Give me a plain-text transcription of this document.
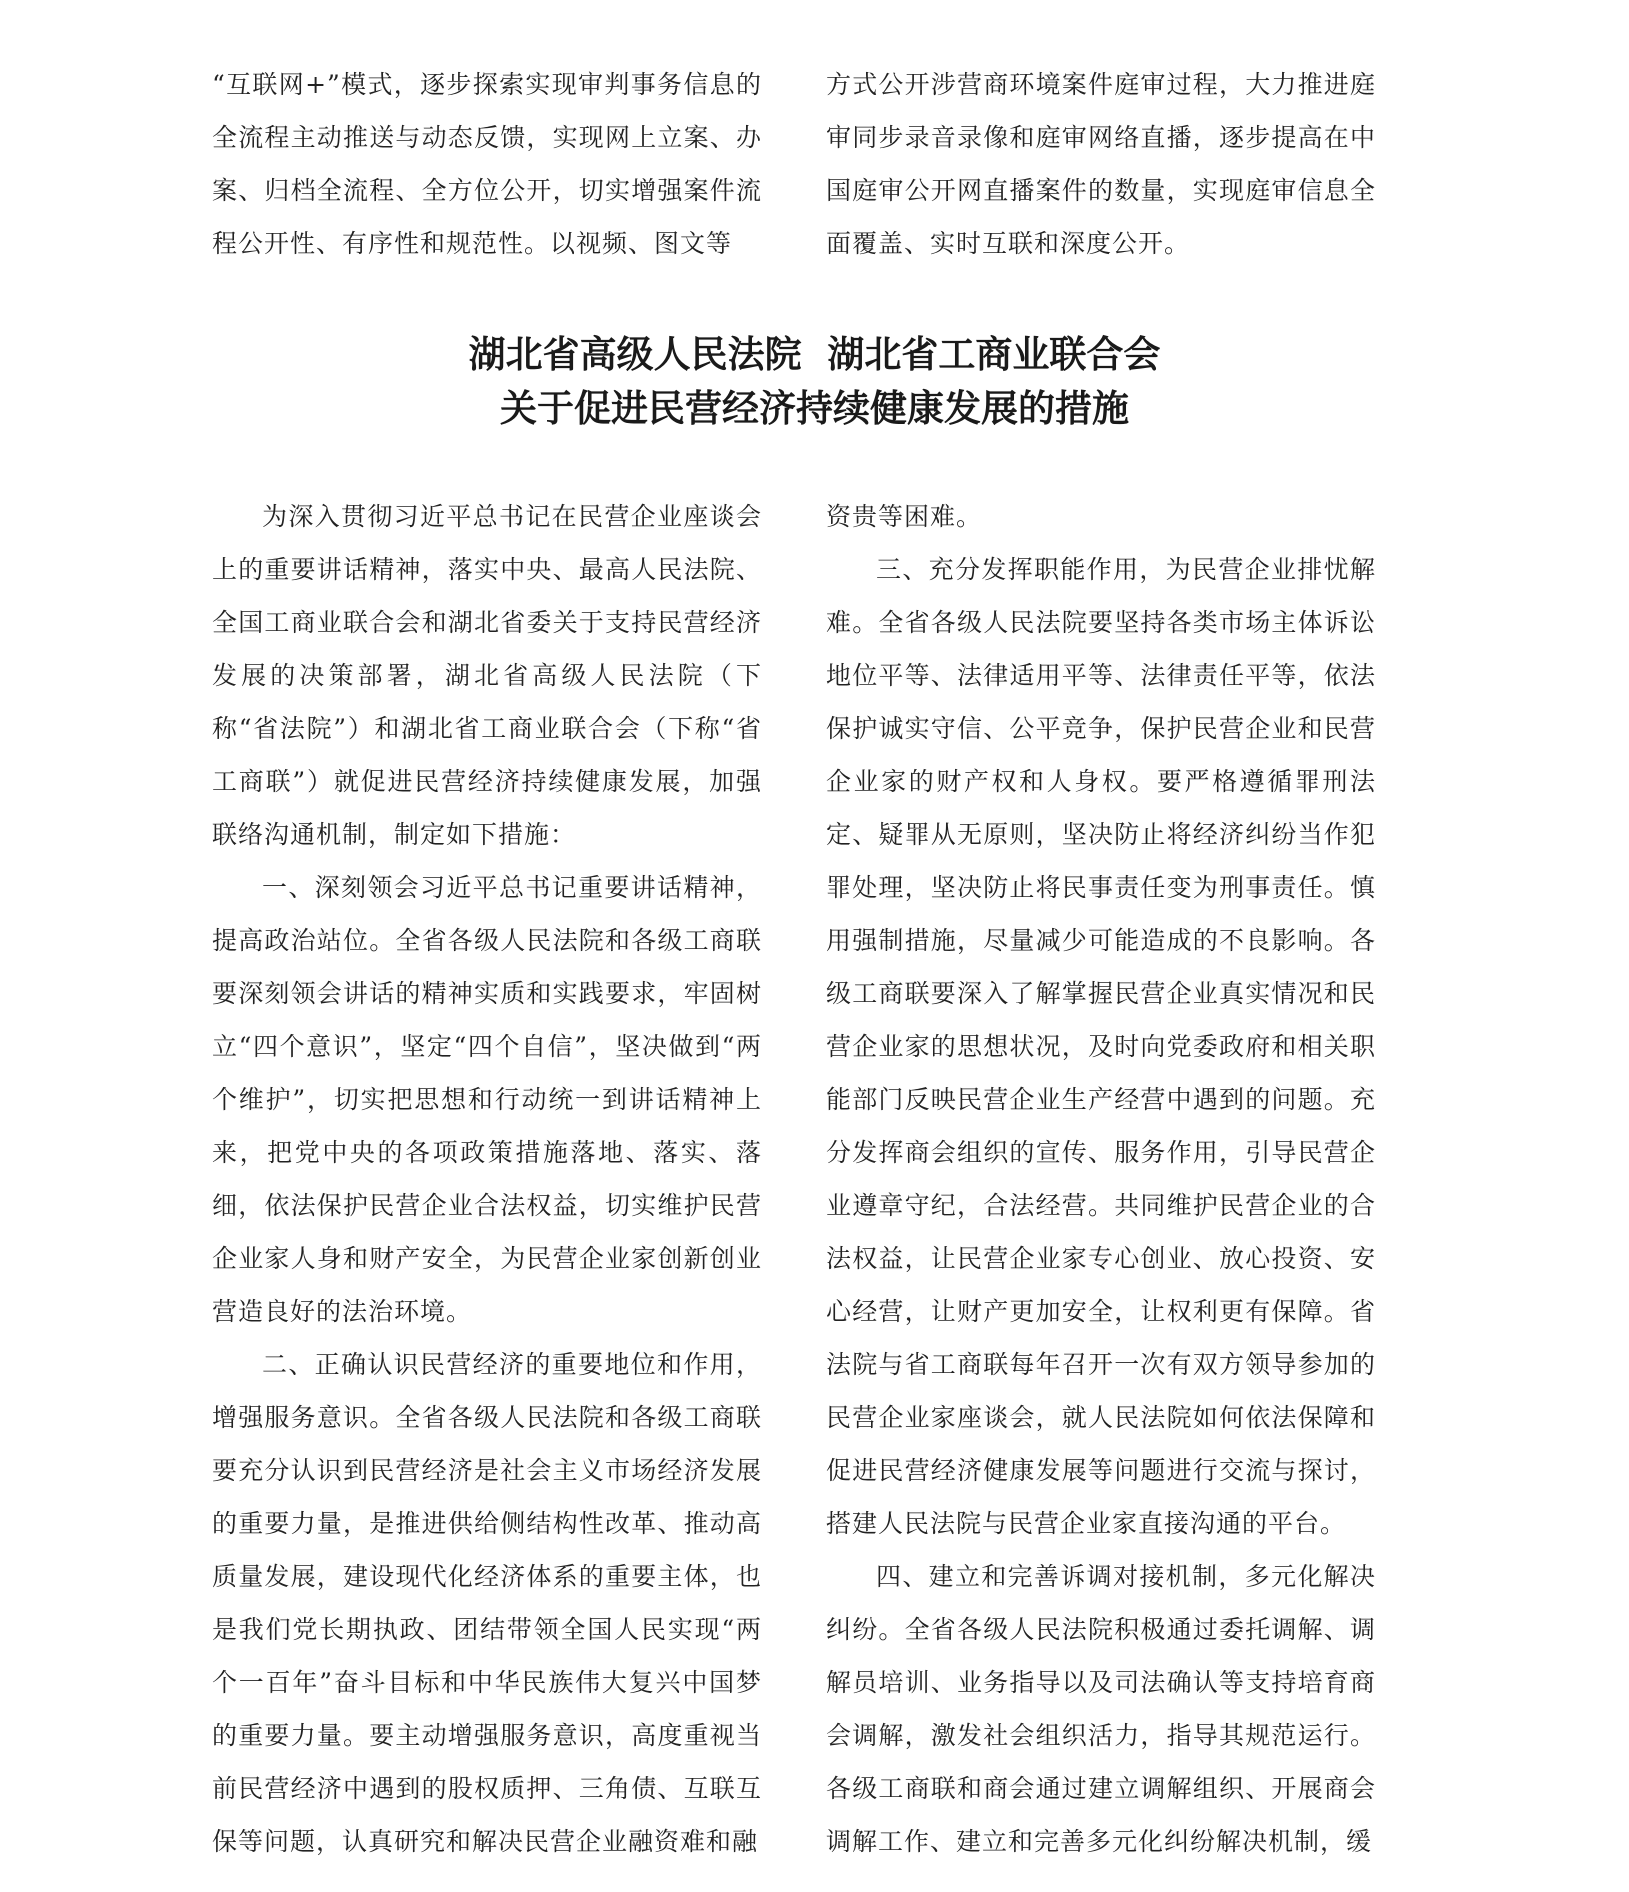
“互联网+”模式，逐步探索实现审判事务信息的全流程主动推送与动态反馈，实现网上立案、办案、归档全流程、全方位公开，切实增强案件流程公开性、有序性和规范性。以视频、图文等

方式公开涉营商环境案件庭审过程，大力推进庭审同步录音录像和庭审网络直播，逐步提高在中国庭审公开网直播案件的数量，实现庭审信息全面覆盖、实时互联和深度公开。

湖北省高级人民法院  湖北省工商业联合会
关于促进民营经济持续健康发展的措施

为深入贯彻习近平总书记在民营企业座谈会上的重要讲话精神，落实中央、最高人民法院、全国工商业联合会和湖北省委关于支持民营经济发展的决策部署，湖北省高级人民法院（下称“省法院”）和湖北省工商业联合会（下称“省工商联”）就促进民营经济持续健康发展，加强联络沟通机制，制定如下措施：

一、深刻领会习近平总书记重要讲话精神，提高政治站位。全省各级人民法院和各级工商联要深刻领会讲话的精神实质和实践要求，牢固树立“四个意识”，坚定“四个自信”，坚决做到“两个维护”，切实把思想和行动统一到讲话精神上来，把党中央的各项政策措施落地、落实、落细，依法保护民营企业合法权益，切实维护民营企业家人身和财产安全，为民营企业家创新创业营造良好的法治环境。

二、正确认识民营经济的重要地位和作用，增强服务意识。全省各级人民法院和各级工商联要充分认识到民营经济是社会主义市场经济发展的重要力量，是推进供给侧结构性改革、推动高质量发展，建设现代化经济体系的重要主体，也是我们党长期执政、团结带领全国人民实现“两个一百年”奋斗目标和中华民族伟大复兴中国梦的重要力量。要主动增强服务意识，高度重视当前民营经济中遇到的股权质押、三角债、互联互保等问题，认真研究和解决民营企业融资难和融

资贵等困难。

三、充分发挥职能作用，为民营企业排忧解难。全省各级人民法院要坚持各类市场主体诉讼地位平等、法律适用平等、法律责任平等，依法保护诚实守信、公平竞争，保护民营企业和民营企业家的财产权和人身权。要严格遵循罪刑法定、疑罪从无原则，坚决防止将经济纠纷当作犯罪处理，坚决防止将民事责任变为刑事责任。慎用强制措施，尽量减少可能造成的不良影响。各级工商联要深入了解掌握民营企业真实情况和民营企业家的思想状况，及时向党委政府和相关职能部门反映民营企业生产经营中遇到的问题。充分发挥商会组织的宣传、服务作用，引导民营企业遵章守纪，合法经营。共同维护民营企业的合法权益，让民营企业家专心创业、放心投资、安心经营，让财产更加安全，让权利更有保障。省法院与省工商联每年召开一次有双方领导参加的民营企业家座谈会，就人民法院如何依法保障和促进民营经济健康发展等问题进行交流与探讨，搭建人民法院与民营企业家直接沟通的平台。

四、建立和完善诉调对接机制，多元化解决纠纷。全省各级人民法院积极通过委托调解、调解员培训、业务指导以及司法确认等支持培育商会调解，激发社会组织活力，指导其规范运行。各级工商联和商会通过建立调解组织、开展商会调解工作、建立和完善多元化纠纷解决机制，缓
